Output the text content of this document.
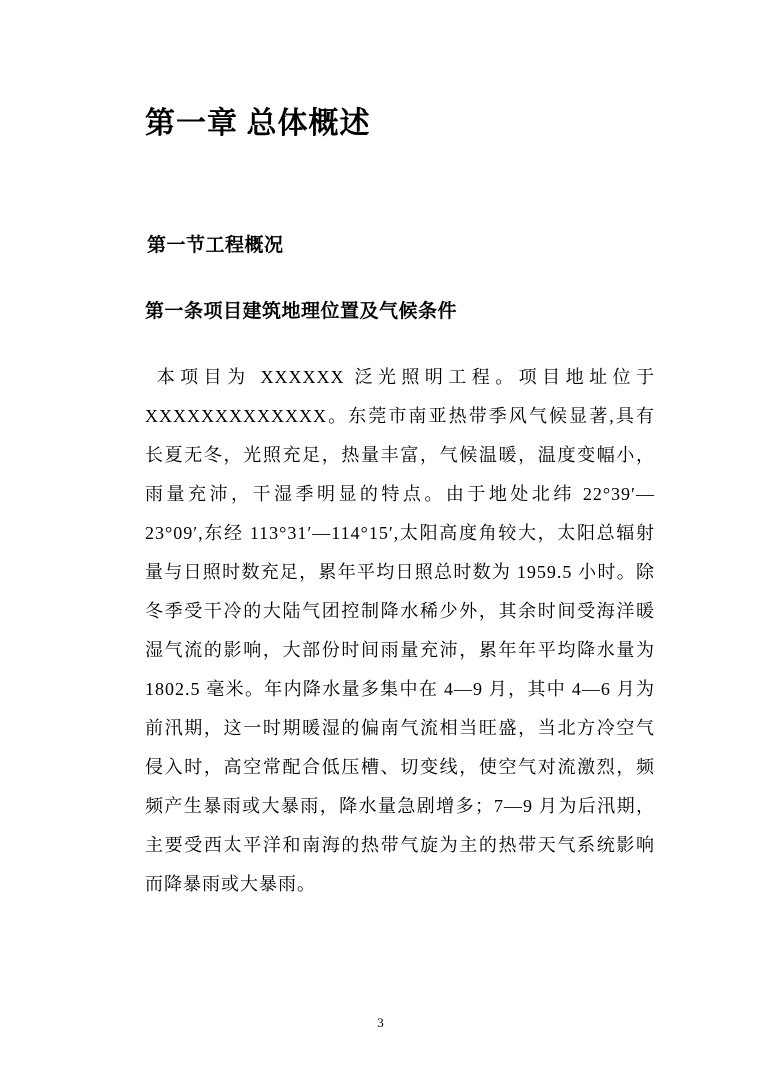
第一章 总体概述
第一节工程概况
第一条项目建筑地理位置及气候条件

本项目为 XXXXXX 泛光照明工程。项目地址位于 XXXXXXXXXXXXX。东莞市南亚热带季风气候显著,具有长夏无冬，光照充足，热量丰富，气候温暖，温度变幅小，雨量充沛，干湿季明显的特点。由于地处北纬 22°39′—23°09′,东经 113°31′—114°15′,太阳高度角较大，太阳总辐射量与日照时数充足，累年平均日照总时数为 1959.5 小时。除冬季受干冷的大陆气团控制降水稀少外，其余时间受海洋暖湿气流的影响，大部份时间雨量充沛，累年年平均降水量为 1802.5 毫米。年内降水量多集中在 4—9 月，其中 4—6 月为前汛期，这一时期暖湿的偏南气流相当旺盛，当北方冷空气侵入时，高空常配合低压槽、切变线，使空气对流激烈，频频产生暴雨或大暴雨，降水量急剧增多；7—9 月为后汛期，主要受西太平洋和南海的热带气旋为主的热带天气系统影响而降暴雨或大暴雨。

3
